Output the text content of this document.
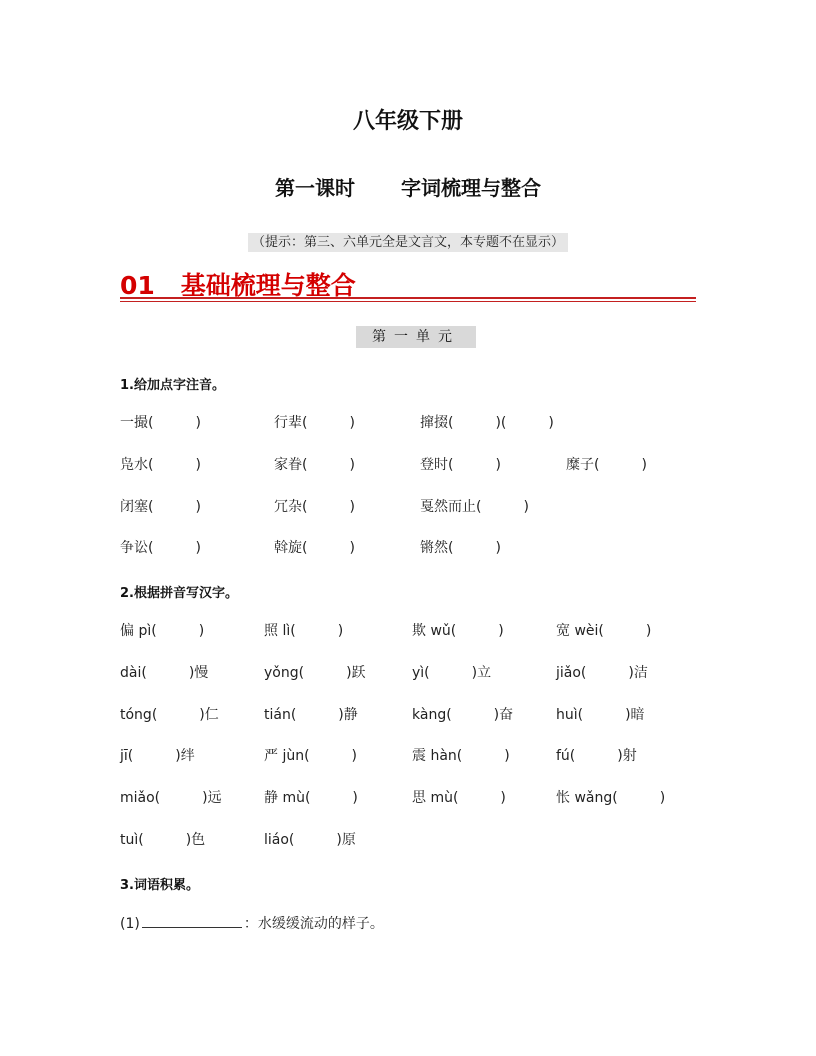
八年级下册
第一课时 字词梳理与整合
（提示：第三、六单元全是文言文，本专题不在显示）
01 基础梳理与整合
第一单元
1.给加点字注音。
一撮(　　　)	行辈(　　　)	撺掇(　　　)(　　　)
凫水(　　　)	家眷(　　　)	登时(　　　)	糜子(　　　)
闭塞(　　　)	冗杂(　　　)	戛然而止(　　　)
争讼(　　　)	斡旋(　　　)	锵然(　　　)
2.根据拼音写汉字。
偏 pì(　　　)	照 lì(　　　)	欺 wǔ(　　　)	宽 wèi(　　　)
dài(　　　)慢	yǒng(　　　)跃	yì(　　　)立	jiǎo(　　　)洁
tóng(　　　)仁	tián(　　　)静	kàng(　　　)奋	huì(　　　)暗
jī(　　　)绊	严 jùn(　　　)	震 hàn(　　　)	fú(　　　)射
miǎo(　　　)远	静 mù(　　　)	思 mù(　　　)	怅 wǎng(　　　)
tuì(　　　)色	liáo(　　　)原
3.词语积累。
(1)	：水缓缓流动的样子。
